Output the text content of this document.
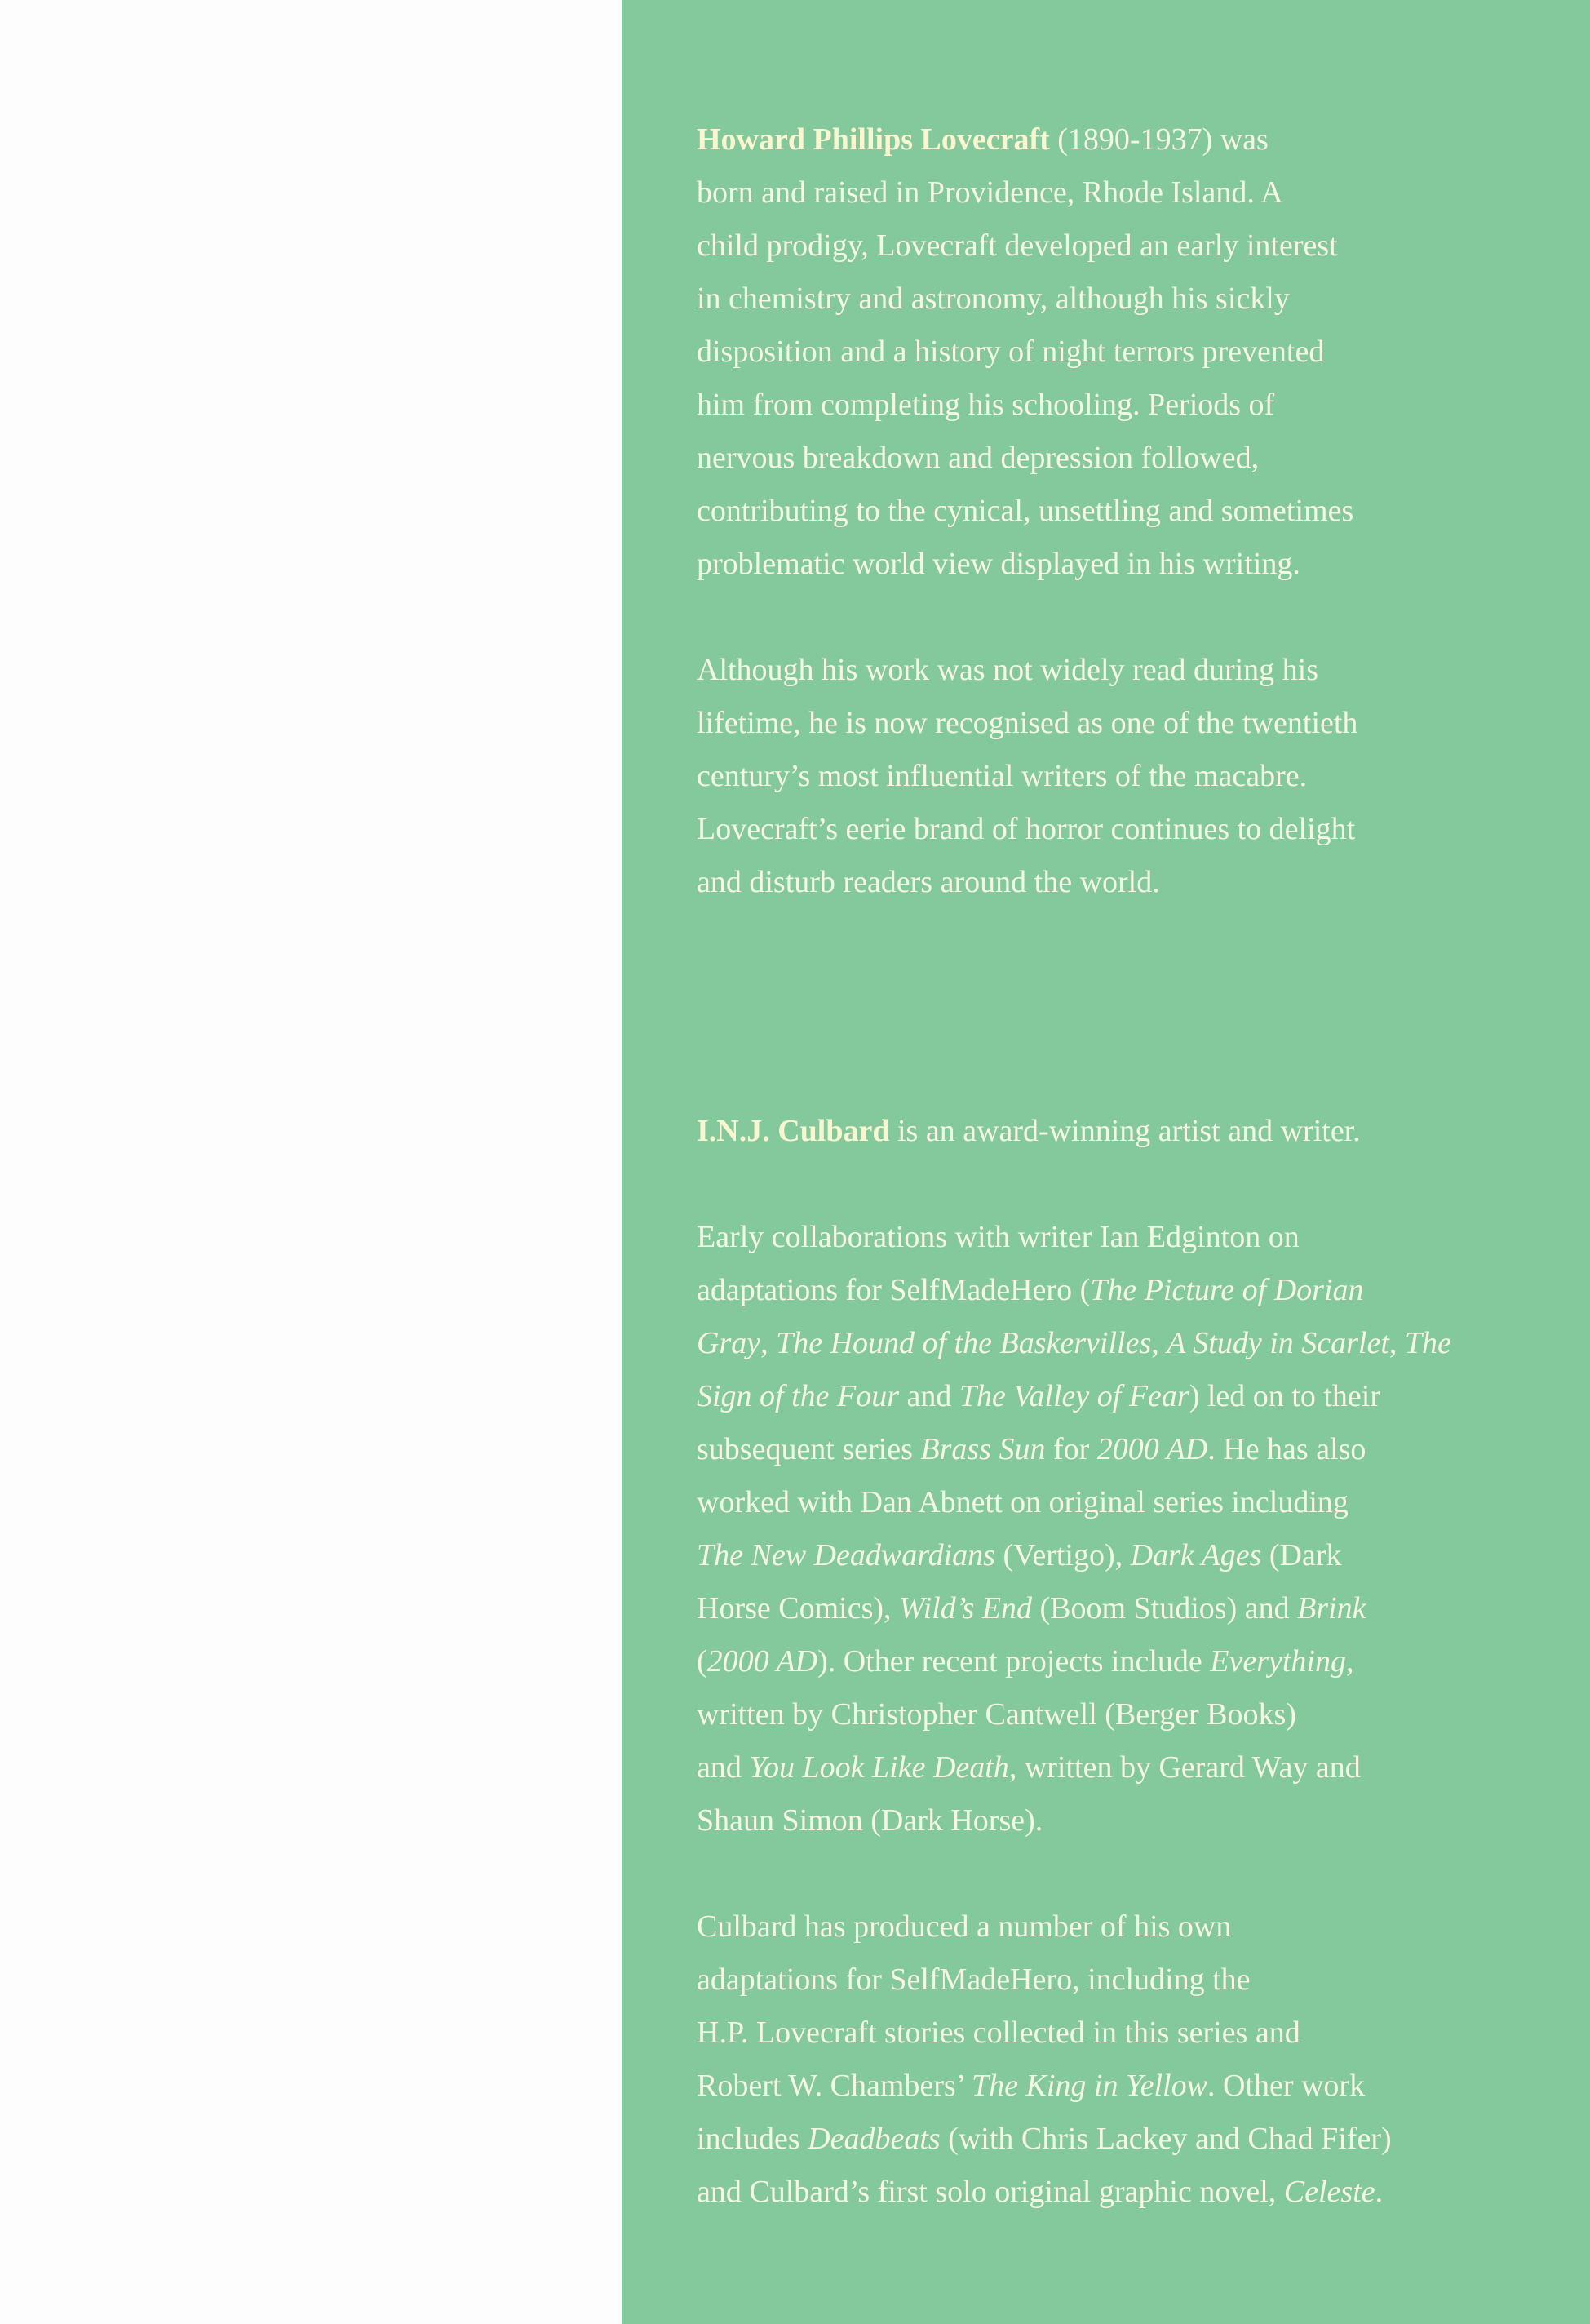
Howard Phillips Lovecraft (1890-1937) was
born and raised in Providence, Rhode Island. A
child prodigy, Lovecraft developed an early interest
in chemistry and astronomy, although his sickly
disposition and a history of night terrors prevented
him from completing his schooling. Periods of
nervous breakdown and depression followed,
contributing to the cynical, unsettling and sometimes
problematic world view displayed in his writing.
Although his work was not widely read during his
lifetime, he is now recognised as one of the twentieth
century’s most influential writers of the macabre.
Lovecraft’s eerie brand of horror continues to delight
and disturb readers around the world.
I.N.J. Culbard is an award-winning artist and writer.
Early collaborations with writer Ian Edginton on
adaptations for SelfMadeHero (The Picture of Dorian
Gray, The Hound of the Baskervilles, A Study in Scarlet, The
Sign of the Four and The Valley of Fear) led on to their
subsequent series Brass Sun for 2000 AD. He has also
worked with Dan Abnett on original series including
The New Deadwardians (Vertigo), Dark Ages (Dark
Horse Comics), Wild’s End (Boom Studios) and Brink
(2000 AD). Other recent projects include Everything,
written by Christopher Cantwell (Berger Books)
and You Look Like Death, written by Gerard Way and
Shaun Simon (Dark Horse).
Culbard has produced a number of his own
adaptations for SelfMadeHero, including the
H.P. Lovecraft stories collected in this series and
Robert W. Chambers’ The King in Yellow. Other work
includes Deadbeats (with Chris Lackey and Chad Fifer)
and Culbard’s first solo original graphic novel, Celeste.
